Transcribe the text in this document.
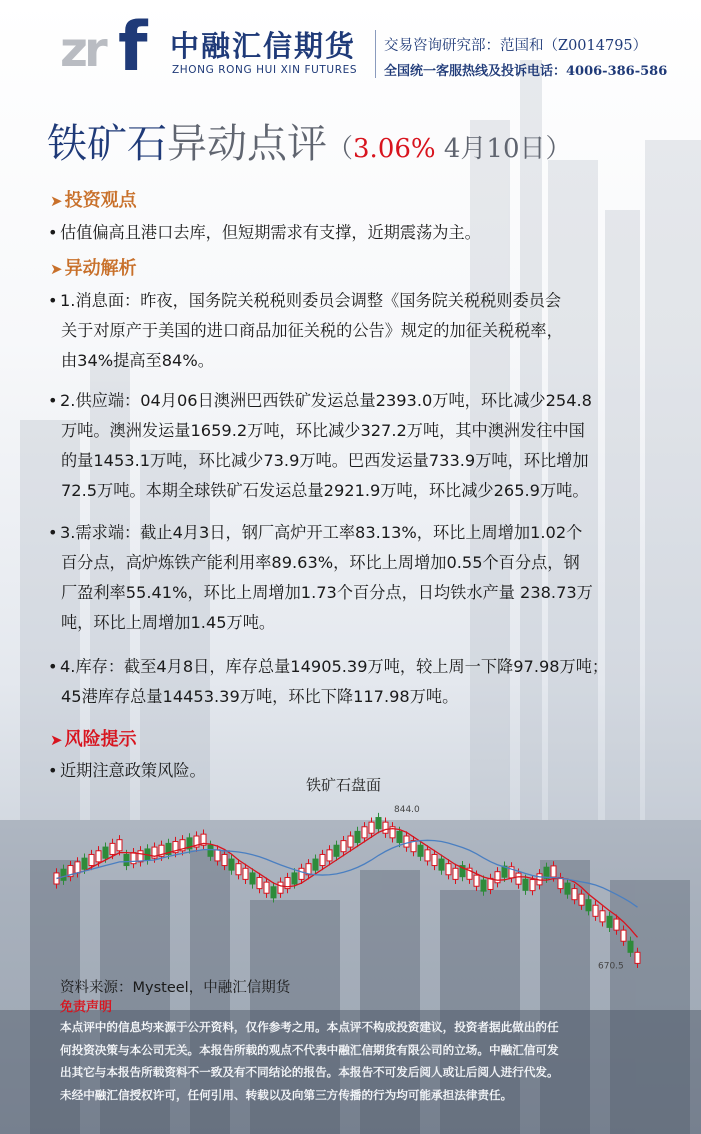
zr f 中融汇信期货
ZHONG RONG HUI XIN FUTURES
交易咨询研究部：范国和（Z0014795）
全国统一客服热线及投诉电话：4006-386-586
铁矿石异动点评（3.06% 4月10日）
➤ 投资观点
• 估值偏高且港口去库，但短期需求有支撑，近期震荡为主。
➤ 异动解析
• 1.消息面：昨夜，国务院关税税则委员会调整《国务院关税税则委员会
关于对原产于美国的进口商品加征关税的公告》规定的加征关税税率，
由34%提高至84%。
• 2.供应端：04月06日澳洲巴西铁矿发运总量2393.0万吨，环比减少254.8
万吨。澳洲发运量1659.2万吨，环比减少327.2万吨，其中澳洲发往中国
的量1453.1万吨，环比减少73.9万吨。巴西发运量733.9万吨，环比增加
72.5万吨。本期全球铁矿石发运总量2921.9万吨，环比减少265.9万吨。
• 3.需求端：截止4月3日，钢厂高炉开工率83.13%，环比上周增加1.02个
百分点，高炉炼铁产能利用率89.63%，环比上周增加0.55个百分点，钢
厂盈利率55.41%，环比上周增加1.73个百分点，日均铁水产量 238.73万
吨，环比上周增加1.45万吨。
• 4.库存：截至4月8日，库存总量14905.39万吨，较上周一下降97.98万吨；
45港库存总量14453.39万吨，环比下降117.98万吨。
➤ 风险提示
• 近期注意政策风险。
铁矿石盘面
844.0
670.5
资料来源：Mysteel，中融汇信期货
免责声明
本点评中的信息均来源于公开资料，仅作参考之用。本点评不构成投资建议，投资者据此做出的任
何投资决策与本公司无关。本报告所载的观点不代表中融汇信期货有限公司的立场。中融汇信可发
出其它与本报告所载资料不一致及有不同结论的报告。本报告不可发后阅人或让后阅人进行代发。
未经中融汇信授权许可，任何引用、转载以及向第三方传播的行为均可能承担法律责任。
